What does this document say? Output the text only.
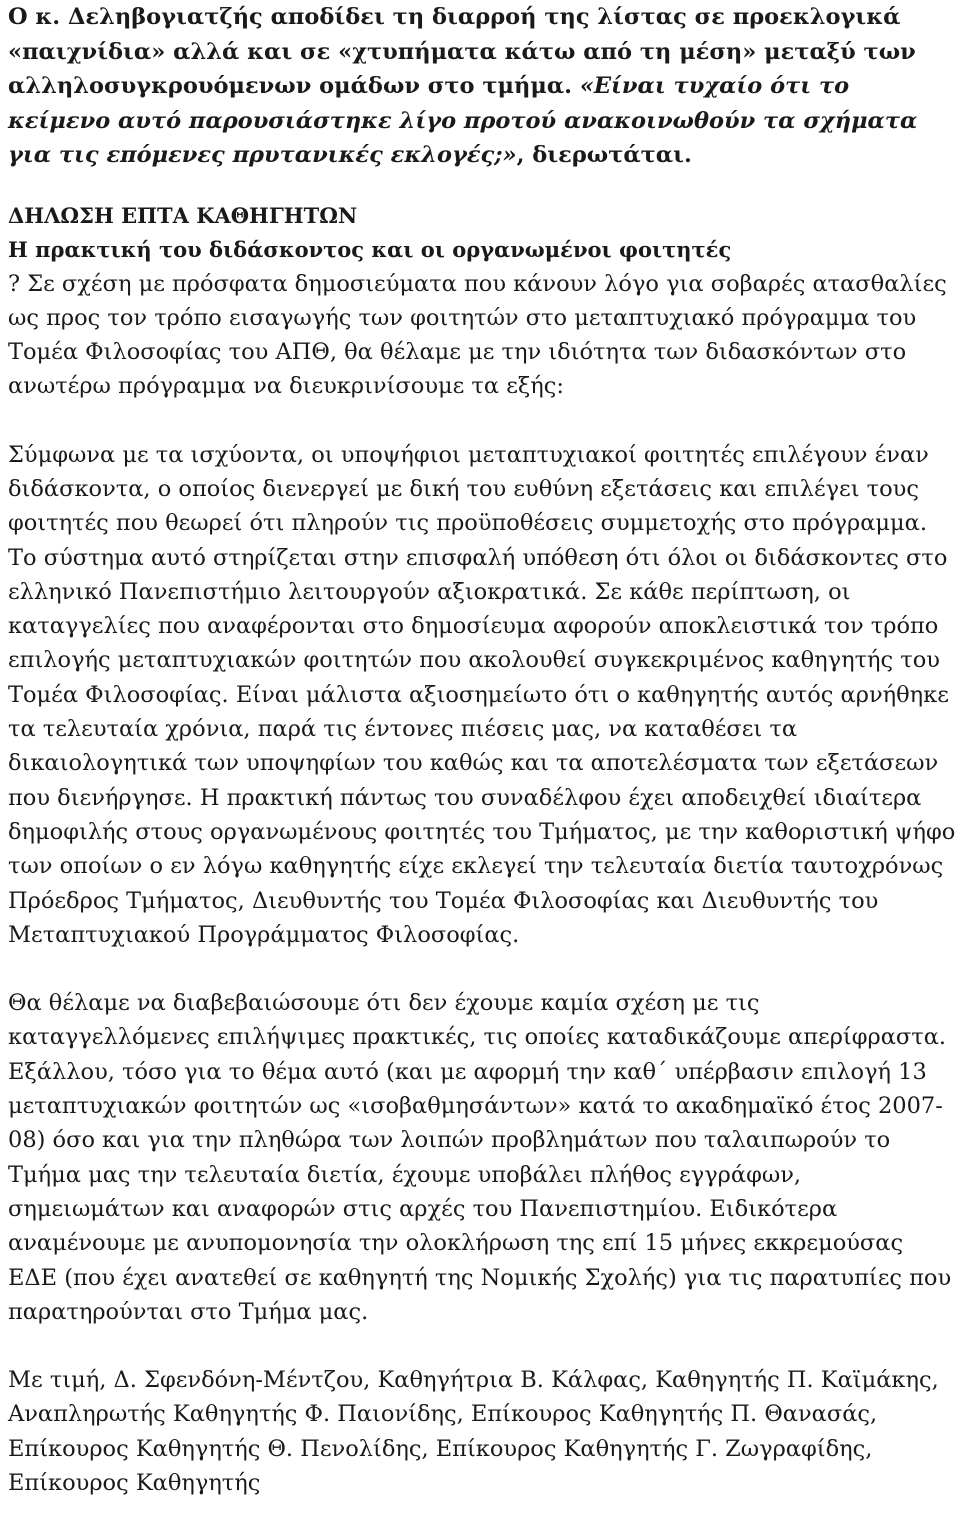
Ο κ. Δεληβογιατζής αποδίδει τη διαρροή της λίστας σε προεκλογικά «παιχνίδια» αλλά και σε «χτυπήματα κάτω από τη μέση» μεταξύ των αλληλοσυγκρουόμενων ομάδων στο τμήμα. «Είναι τυχαίο ότι το κείμενο αυτό παρουσιάστηκε λίγο προτού ανακοινωθούν τα σχήματα για τις επόμενες πρυτανικές εκλογές;», διερωτάται.

ΔΗΛΩΣΗ ΕΠΤΑ ΚΑΘΗΓΗΤΩΝ
Η πρακτική του διδάσκοντος και οι οργανωμένοι φοιτητές

? Σε σχέση με πρόσφατα δημοσιεύματα που κάνουν λόγο για σοβαρές ατασθαλίες ως προς τον τρόπο εισαγωγής των φοιτητών στο μεταπτυχιακό πρόγραμμα του Τομέα Φιλοσοφίας του ΑΠΘ, θα θέλαμε με την ιδιότητα των διδασκόντων στο ανωτέρω πρόγραμμα να διευκρινίσουμε τα εξής:

Σύμφωνα με τα ισχύοντα, οι υποψήφιοι μεταπτυχιακοί φοιτητές επιλέγουν έναν διδάσκοντα, ο οποίος διενεργεί με δική του ευθύνη εξετάσεις και επιλέγει τους φοιτητές που θεωρεί ότι πληρούν τις προϋποθέσεις συμμετοχής στο πρόγραμμα. Το σύστημα αυτό στηρίζεται στην επισφαλή υπόθεση ότι όλοι οι διδάσκοντες στο ελληνικό Πανεπιστήμιο λειτουργούν αξιοκρατικά. Σε κάθε περίπτωση, οι καταγγελίες που αναφέρονται στο δημοσίευμα αφορούν αποκλειστικά τον τρόπο επιλογής μεταπτυχιακών φοιτητών που ακολουθεί συγκεκριμένος καθηγητής του Τομέα Φιλοσοφίας. Είναι μάλιστα αξιοσημείωτο ότι ο καθηγητής αυτός αρνήθηκε τα τελευταία χρόνια, παρά τις έντονες πιέσεις μας, να καταθέσει τα δικαιολογητικά των υποψηφίων του καθώς και τα αποτελέσματα των εξετάσεων που διενήργησε. Η πρακτική πάντως του συναδέλφου έχει αποδειχθεί ιδιαίτερα δημοφιλής στους οργανωμένους φοιτητές του Τμήματος, με την καθοριστική ψήφο των οποίων ο εν λόγω καθηγητής είχε εκλεγεί την τελευταία διετία ταυτοχρόνως Πρόεδρος Τμήματος, Διευθυντής του Τομέα Φιλοσοφίας και Διευθυντής του Μεταπτυχιακού Προγράμματος Φιλοσοφίας.

Θα θέλαμε να διαβεβαιώσουμε ότι δεν έχουμε καμία σχέση με τις καταγγελλόμενες επιλήψιμες πρακτικές, τις οποίες καταδικάζουμε απερίφραστα. Εξάλλου, τόσο για το θέμα αυτό (και με αφορμή την καθ΄ υπέρβασιν επιλογή 13 μεταπτυχιακών φοιτητών ως «ισοβαθμησάντων» κατά το ακαδημαϊκό έτος 2007-08) όσο και για την πληθώρα των λοιπών προβλημάτων που ταλαιπωρούν το Τμήμα μας την τελευταία διετία, έχουμε υποβάλει πλήθος εγγράφων, σημειωμάτων και αναφορών στις αρχές του Πανεπιστημίου. Ειδικότερα αναμένουμε με ανυπομονησία την ολοκλήρωση της επί 15 μήνες εκκρεμούσας ΕΔΕ (που έχει ανατεθεί σε καθηγητή της Νομικής Σχολής) για τις παρατυπίες που παρατηρούνται στο Τμήμα μας.

Με τιμή, Δ. Σφενδόνη-Μέντζου, Καθηγήτρια Β. Κάλφας, Καθηγητής Π. Καϊμάκης, Αναπληρωτής Καθηγητής Φ. Παιονίδης, Επίκουρος Καθηγητής Π. Θανασάς, Επίκουρος Καθηγητής Θ. Πενολίδης, Επίκουρος Καθηγητής Γ. Ζωγραφίδης, Επίκουρος Καθηγητής
